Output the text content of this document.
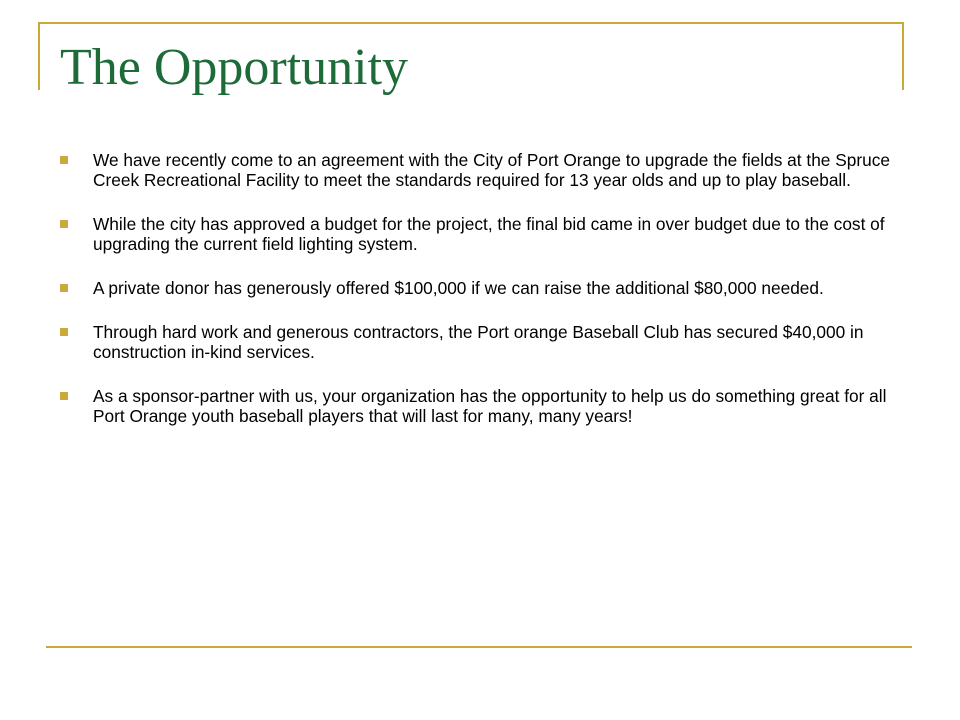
The Opportunity
We have recently come to an agreement with the City of Port Orange to upgrade the fields at the Spruce Creek Recreational Facility to meet the standards required for 13 year olds and up to play baseball.
While the city has approved a budget for the project, the final bid came in over budget due to the cost of upgrading the current field lighting system.
A private donor has generously offered $100,000 if we can raise the additional $80,000 needed.
Through hard work and generous contractors, the Port orange Baseball Club has secured $40,000 in construction in-kind services.
As a sponsor-partner with us, your organization has the opportunity to help us do something great for all Port Orange youth baseball players that will last for many, many years!
